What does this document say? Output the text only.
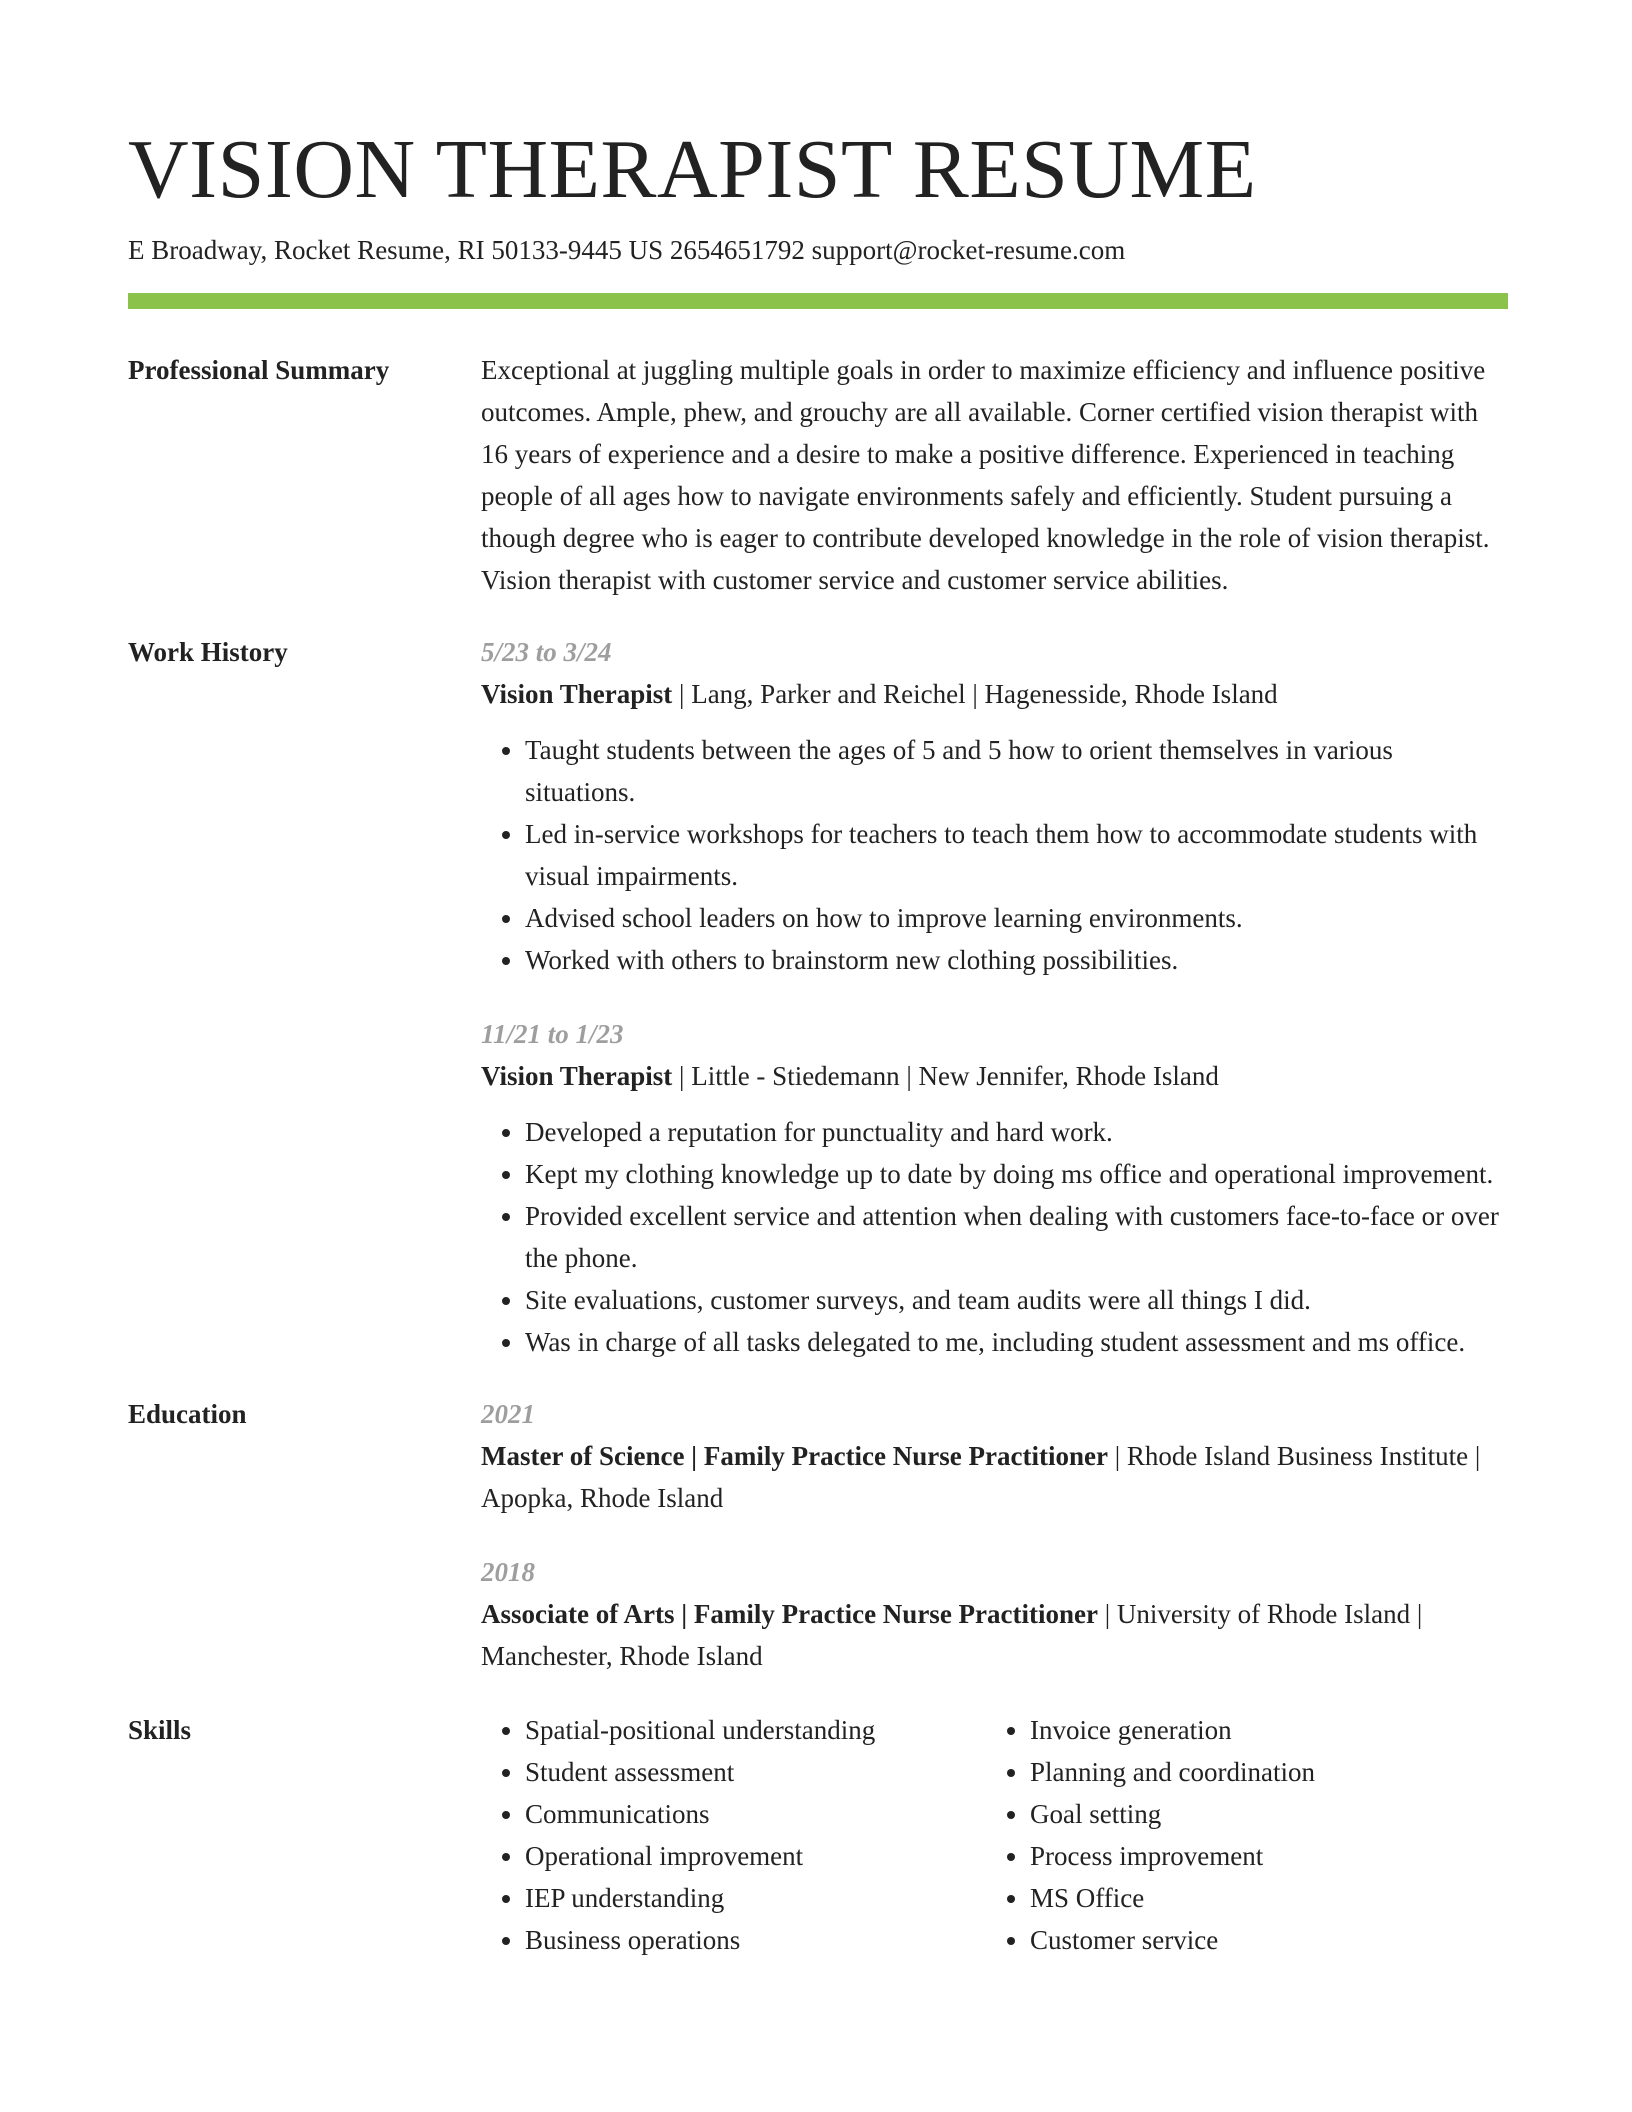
VISION THERAPIST RESUME
E Broadway, Rocket Resume, RI 50133-9445 US 2654651792 support@rocket-resume.com
Professional Summary	Exceptional at juggling multiple goals in order to maximize efficiency and influence positive outcomes. Ample, phew, and grouchy are all available. Corner certified vision therapist with 16 years of experience and a desire to make a positive difference. Experienced in teaching people of all ages how to navigate environments safely and efficiently. Student pursuing a though degree who is eager to contribute developed knowledge in the role of vision therapist. Vision therapist with customer service and customer service abilities.
Work History	5/23 to 3/24
Vision Therapist | Lang, Parker and Reichel | Hagenesside, Rhode Island
• Taught students between the ages of 5 and 5 how to orient themselves in various situations.
• Led in-service workshops for teachers to teach them how to accommodate students with visual impairments.
• Advised school leaders on how to improve learning environments.
• Worked with others to brainstorm new clothing possibilities.
11/21 to 1/23
Vision Therapist | Little - Stiedemann | New Jennifer, Rhode Island
• Developed a reputation for punctuality and hard work.
• Kept my clothing knowledge up to date by doing ms office and operational improvement.
• Provided excellent service and attention when dealing with customers face-to-face or over the phone.
• Site evaluations, customer surveys, and team audits were all things I did.
• Was in charge of all tasks delegated to me, including student assessment and ms office.
Education	2021
Master of Science | Family Practice Nurse Practitioner | Rhode Island Business Institute | Apopka, Rhode Island
2018
Associate of Arts | Family Practice Nurse Practitioner | University of Rhode Island | Manchester, Rhode Island
Skills
•	Spatial-positional understanding
• Student assessment
• Communications
• Operational improvement
• IEP understanding
• Business operations
• Invoice generation
• Planning and coordination
• Goal setting
• Process improvement
• MS Office
• Customer service
